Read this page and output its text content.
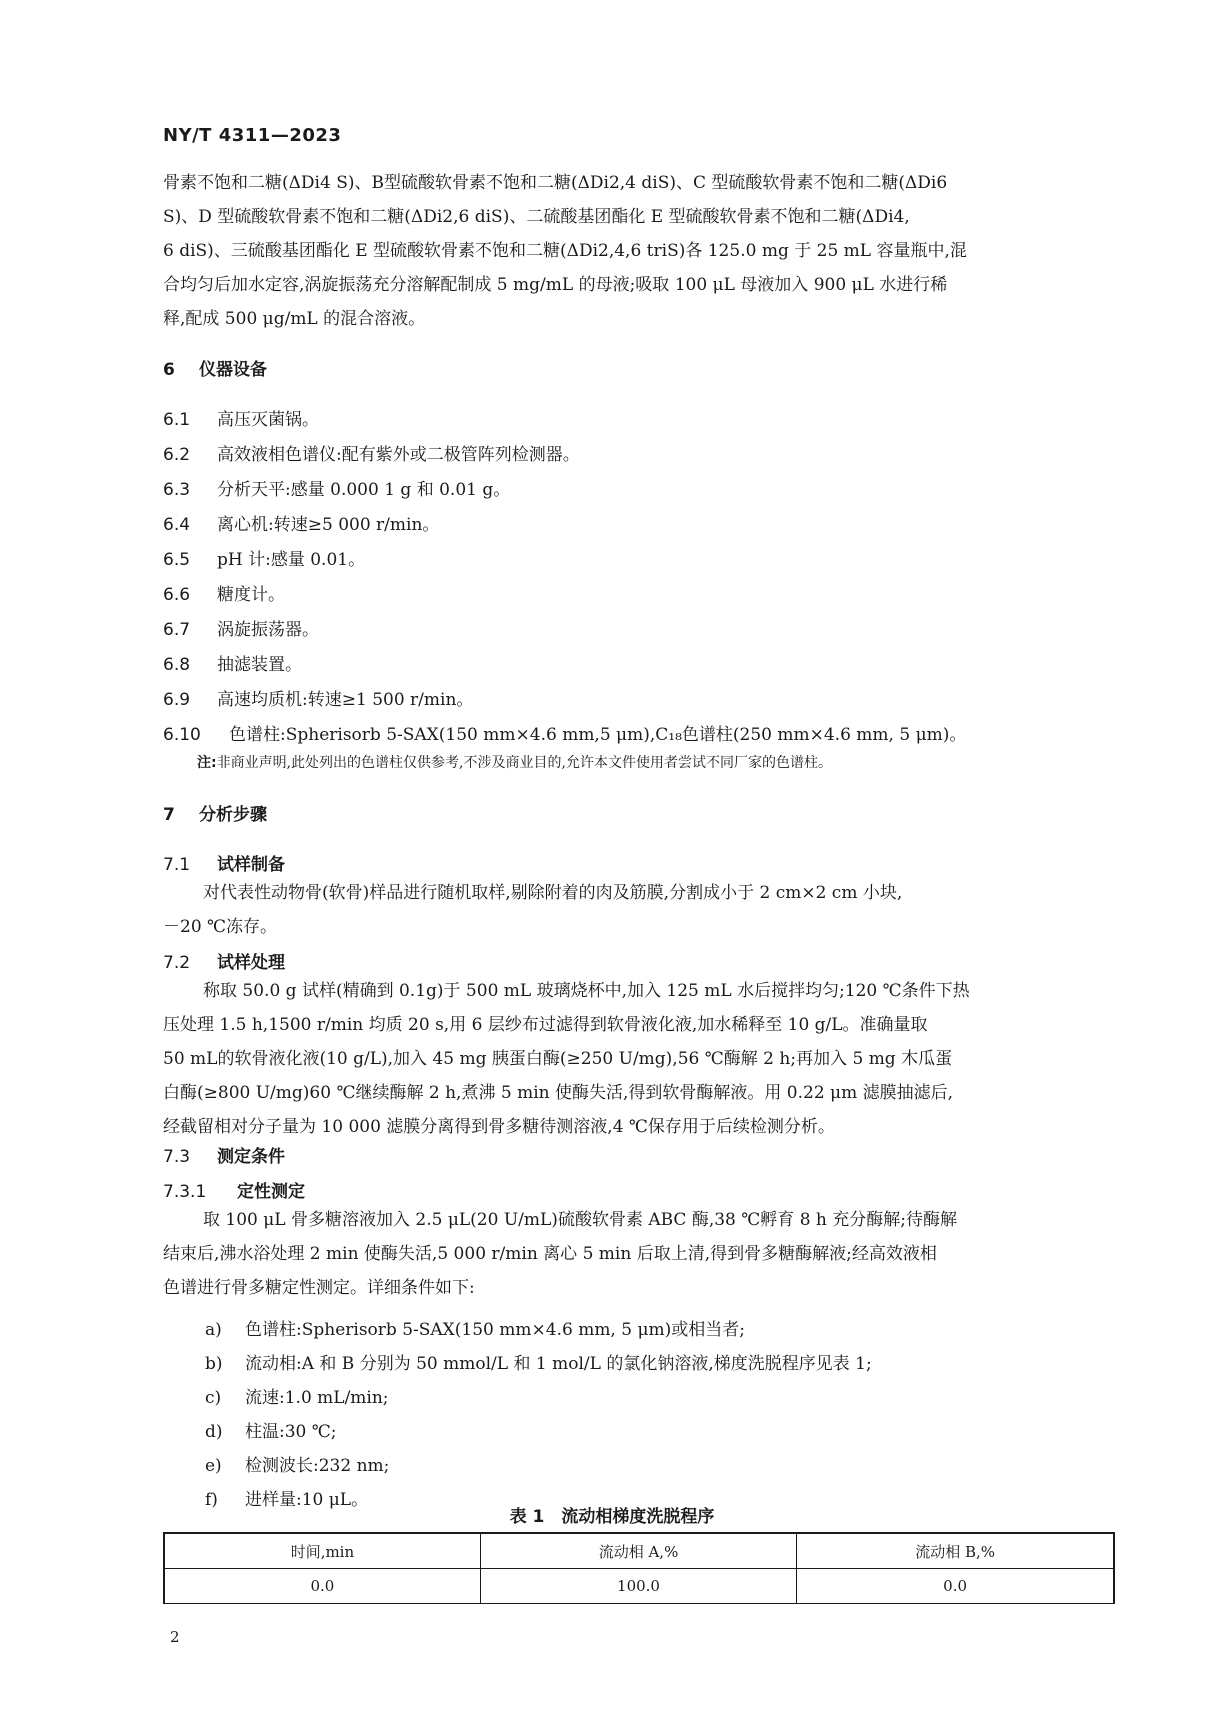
NY/T 4311—2023
骨素不饱和二糖(ΔDi4 S)、B型硫酸软骨素不饱和二糖(ΔDi2,4 diS)、C 型硫酸软骨素不饱和二糖(ΔDi6
S)、D 型硫酸软骨素不饱和二糖(ΔDi2,6 diS)、二硫酸基团酯化 E 型硫酸软骨素不饱和二糖(ΔDi4,
6 diS)、三硫酸基团酯化 E 型硫酸软骨素不饱和二糖(ΔDi2,4,6 triS)各 125.0 mg 于 25 mL 容量瓶中,混
合均匀后加水定容,涡旋振荡充分溶解配制成 5 mg/mL 的母液;吸取 100 μL 母液加入 900 μL 水进行稀
释,配成 500 μg/mL 的混合溶液。
6 仪器设备
6.1 高压灭菌锅。
6.2 高效液相色谱仪:配有紫外或二极管阵列检测器。
6.3 分析天平:感量 0.000 1 g 和 0.01 g。
6.4 离心机:转速≥5 000 r/min。
6.5 pH 计:感量 0.01。
6.6 糖度计。
6.7 涡旋振荡器。
6.8 抽滤装置。
6.9 高速均质机:转速≥1 500 r/min。
6.10 色谱柱:Spherisorb 5-SAX(150 mm×4.6 mm,5 μm),C₁₈色谱柱(250 mm×4.6 mm, 5 μm)。
注:非商业声明,此处列出的色谱柱仅供参考,不涉及商业目的,允许本文件使用者尝试不同厂家的色谱柱。
7 分析步骤
7.1 试样制备
对代表性动物骨(软骨)样品进行随机取样,剔除附着的肉及筋膜,分割成小于 2 cm×2 cm 小块,
－20 ℃冻存。
7.2 试样处理
称取 50.0 g 试样(精确到 0.1g)于 500 mL 玻璃烧杯中,加入 125 mL 水后搅拌均匀;120 ℃条件下热
压处理 1.5 h,1500 r/min 均质 20 s,用 6 层纱布过滤得到软骨液化液,加水稀释至 10 g/L。准确量取
50 mL的软骨液化液(10 g/L),加入 45 mg 胰蛋白酶(≥250 U/mg),56 ℃酶解 2 h;再加入 5 mg 木瓜蛋
白酶(≥800 U/mg)60 ℃继续酶解 2 h,煮沸 5 min 使酶失活,得到软骨酶解液。用 0.22 μm 滤膜抽滤后,
经截留相对分子量为 10 000 滤膜分离得到骨多糖待测溶液,4 ℃保存用于后续检测分析。
7.3 测定条件
7.3.1 定性测定
取 100 μL 骨多糖溶液加入 2.5 μL(20 U/mL)硫酸软骨素 ABC 酶,38 ℃孵育 8 h 充分酶解;待酶解
结束后,沸水浴处理 2 min 使酶失活,5 000 r/min 离心 5 min 后取上清,得到骨多糖酶解液;经高效液相
色谱进行骨多糖定性测定。详细条件如下:
a) 色谱柱:Spherisorb 5-SAX(150 mm×4.6 mm, 5 μm)或相当者;
b) 流动相:A 和 B 分别为 50 mmol/L 和 1 mol/L 的氯化钠溶液,梯度洗脱程序见表 1;
c) 流速:1.0 mL/min;
d) 柱温:30 ℃;
e) 检测波长:232 nm;
f) 进样量:10 μL。
表 1　流动相梯度洗脱程序
时间,min	流动相 A,%	流动相 B,%
0.0	100.0	0.0
2
